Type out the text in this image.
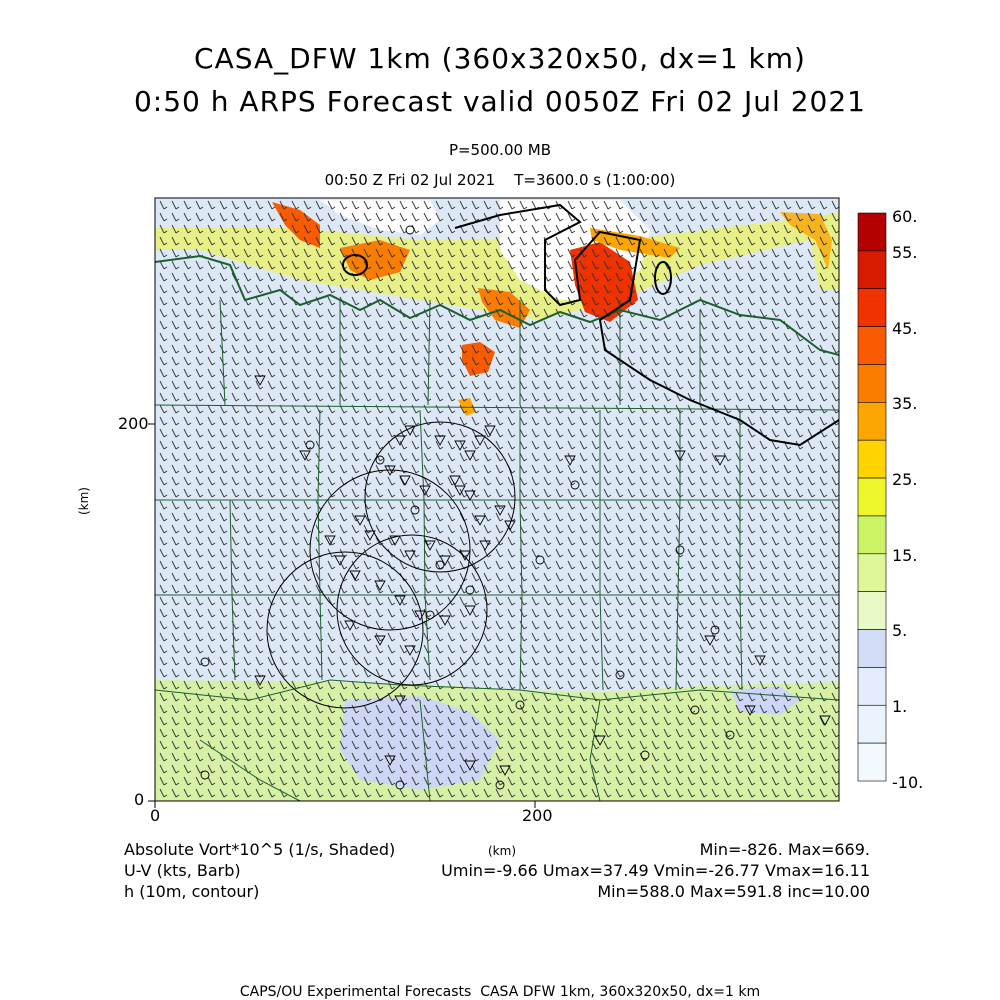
CASA_DFW 1km (360x320x50, dx=1 km)
0:50 h ARPS Forecast valid 0050Z Fri 02 Jul 2021
P=500.00 MB
00:50 Z Fri 02 Jul 2021    T=3600.0 s (1:00:00)
0
200
0	200
(km)
(km)
60.
55.
45.
35.
25.
15.
5.
1.
-10.
Absolute Vort*10^5 (1/s, Shaded)
U-V (kts, Barb)
h (10m, contour)
Min=-826. Max=669.
Umin=-9.66 Umax=37.49 Vmin=-26.77 Vmax=16.11
Min=588.0 Max=591.8 inc=10.00
CAPS/OU Experimental Forecasts  CASA DFW 1km, 360x320x50, dx=1 km
